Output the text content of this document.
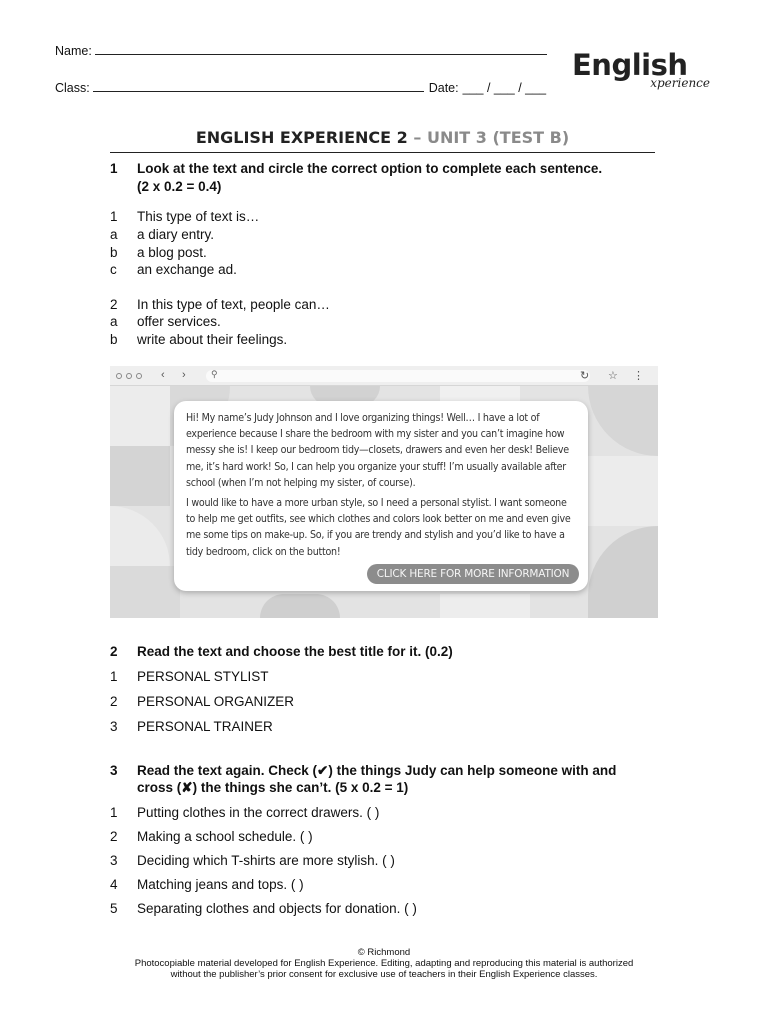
Name:
Class:	Date: ___ / ___ / ___
English
xperience
ENGLISH EXPERIENCE 2 – UNIT 3 (TEST B)
1	Look at the text and circle the correct option to complete each sentence.
(2 x 0.2 = 0.4)
1	This type of text is…
a	a diary entry.
b	a blog post.
c	an exchange ad.
2	In this type of text, people can…
a	offer services.
b	write about their feelings.
‹ ›	⚲	↻ ☆ ⋮

Hi! My name’s Judy Johnson and I love organizing things! Well… I have a lot of experience because I share the bedroom with my sister and you can’t imagine how messy she is! I keep our bedroom tidy—closets, drawers and even her desk! Believe me, it’s hard work! So, I can help you organize your stuff! I’m usually available after school (when I’m not helping my sister, of course).

I would like to have a more urban style, so I need a personal stylist. I want someone to help me get outfits, see which clothes and colors look better on me and even give me some tips on make-up. So, if you are trendy and stylish and you’d like to have a tidy bedroom, click on the button!

CLICK HERE FOR MORE INFORMATION
2	Read the text and choose the best title for it. (0.2)
1	PERSONAL STYLIST
2	PERSONAL ORGANIZER
3	PERSONAL TRAINER
3	Read the text again. Check (✔) the things Judy can help someone with and
cross (✘) the things she can’t. (5 x 0.2 = 1)
1	Putting clothes in the correct drawers. ( )
2	Making a school schedule. ( )
3	Deciding which T-shirts are more stylish. ( )
4	Matching jeans and tops. ( )
5	Separating clothes and objects for donation. ( )
© Richmond
Photocopiable material developed for English Experience. Editing, adapting and reproducing this material is authorized
without the publisher’s prior consent for exclusive use of teachers in their English Experience classes.
